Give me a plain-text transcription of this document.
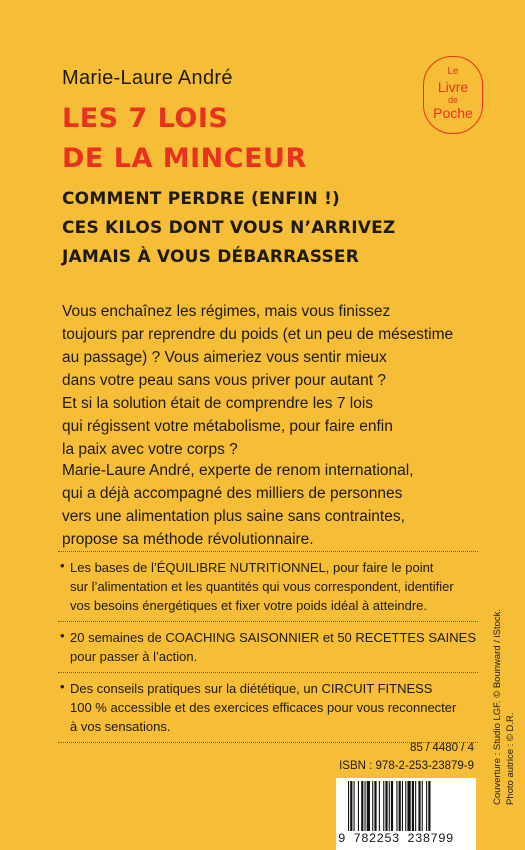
Marie-Laure André
LES 7 LOIS
DE LA MINCEUR
COMMENT PERDRE (ENFIN !)
CES KILOS DONT VOUS N’ARRIVEZ
JAMAIS À VOUS DÉBARRASSER
Le
Livre
de
Poche
Vous enchaînez les régimes, mais vous finissez
toujours par reprendre du poids (et un peu de mésestime
au passage) ? Vous aimeriez vous sentir mieux
dans votre peau sans vous priver pour autant ?
Et si la solution était de comprendre les 7 lois
qui régissent votre métabolisme, pour faire enfin
la paix avec votre corps ?
Marie-Laure André, experte de renom international,
qui a déjà accompagné des milliers de personnes
vers une alimentation plus saine sans contraintes,
propose sa méthode révolutionnaire.
• Les bases de l’ÉQUILIBRE NUTRITIONNEL, pour faire le point
sur l’alimentation et les quantités qui vous correspondent, identifier
vos besoins énergétiques et fixer votre poids idéal à atteindre.
• 20 semaines de COACHING SAISONNIER et 50 RECETTES SAINES
pour passer à l’action.
• Des conseils pratiques sur la diététique, un CIRCUIT FITNESS
100 % accessible et des exercices efficaces pour vous reconnecter
à vos sensations.
85 / 4480 / 4
ISBN : 978-2-253-23879-9
9 782253 238799
Couverture : Studio LGF. © Bounward / iStock. Photo autrice : © D.R.
